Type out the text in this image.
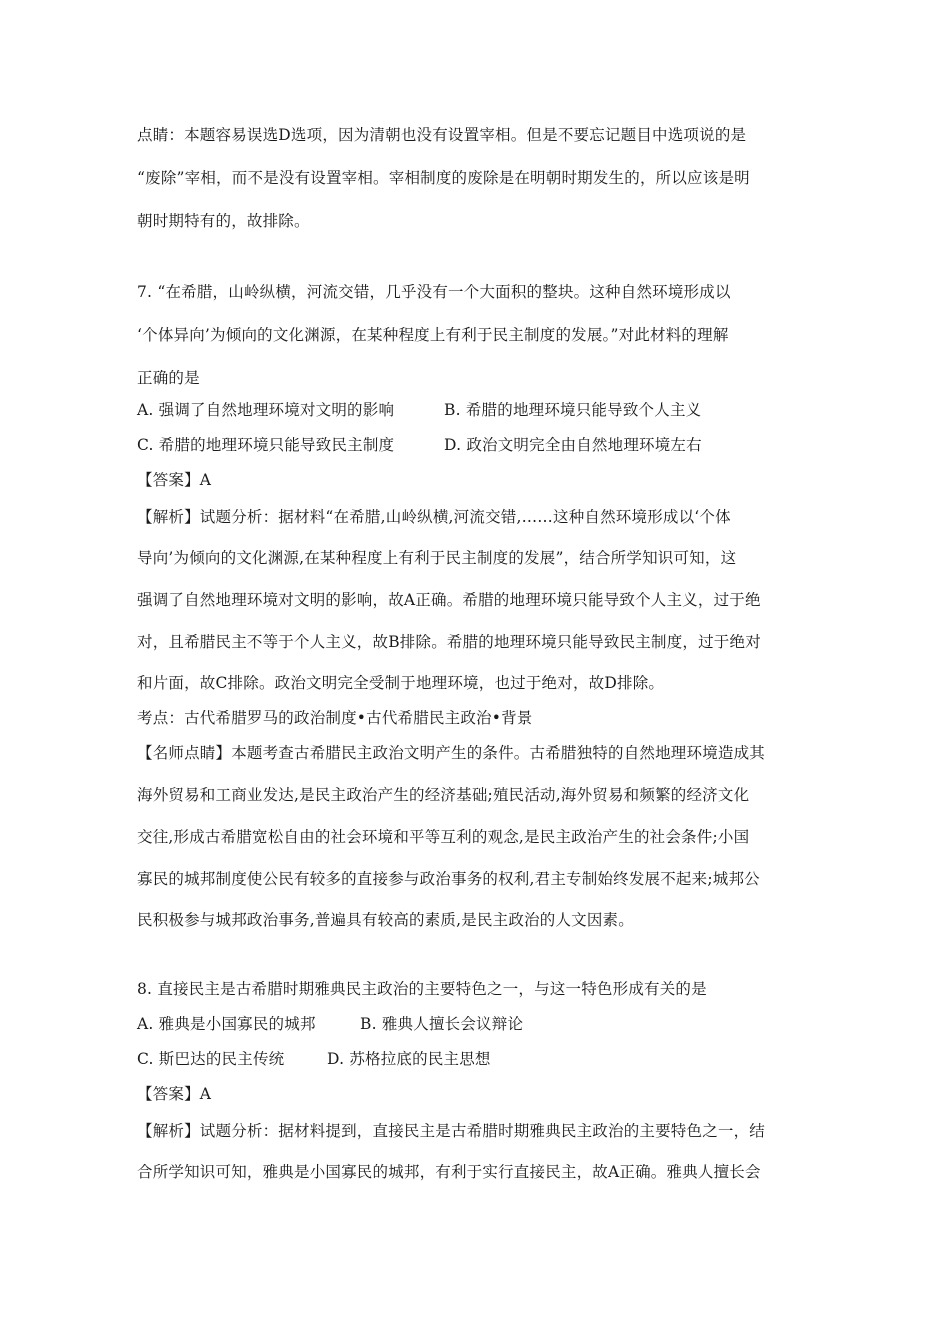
点睛：本题容易误选D选项，因为清朝也没有设置宰相。但是不要忘记题目中选项说的是
“废除”宰相，而不是没有设置宰相。宰相制度的废除是在明朝时期发生的，所以应该是明
朝时期特有的，故排除。
7. “在希腊，山岭纵横，河流交错，几乎没有一个大面积的整块。这种自然环境形成以
‘个体异向’为倾向的文化渊源，在某种程度上有利于民主制度的发展。”对此材料的理解
正确的是
A. 强调了自然地理环境对文明的影响	B. 希腊的地理环境只能导致个人主义
C. 希腊的地理环境只能导致民主制度	D. 政治文明完全由自然地理环境左右
【答案】A
【解析】试题分析：据材料“在希腊,山岭纵横,河流交错,……这种自然环境形成以‘个体
导向’为倾向的文化渊源,在某种程度上有利于民主制度的发展”，结合所学知识可知，这
强调了自然地理环境对文明的影响，故A正确。希腊的地理环境只能导致个人主义，过于绝
对，且希腊民主不等于个人主义，故B排除。希腊的地理环境只能导致民主制度，过于绝对
和片面，故C排除。政治文明完全受制于地理环境，也过于绝对，故D排除。
考点：古代希腊罗马的政治制度•古代希腊民主政治•背景
【名师点睛】本题考查古希腊民主政治文明产生的条件。古希腊独特的自然地理环境造成其
海外贸易和工商业发达,是民主政治产生的经济基础;殖民活动,海外贸易和频繁的经济文化
交往,形成古希腊宽松自由的社会环境和平等互利的观念,是民主政治产生的社会条件;小国
寡民的城邦制度使公民有较多的直接参与政治事务的权利,君主专制始终发展不起来;城邦公
民积极参与城邦政治事务,普遍具有较高的素质,是民主政治的人文因素。
8. 直接民主是古希腊时期雅典民主政治的主要特色之一，与这一特色形成有关的是
A. 雅典是小国寡民的城邦	B. 雅典人擅长会议辩论
C. 斯巴达的民主传统	D. 苏格拉底的民主思想
【答案】A
【解析】试题分析：据材料提到，直接民主是古希腊时期雅典民主政治的主要特色之一，结
合所学知识可知，雅典是小国寡民的城邦，有利于实行直接民主，故A正确。雅典人擅长会
